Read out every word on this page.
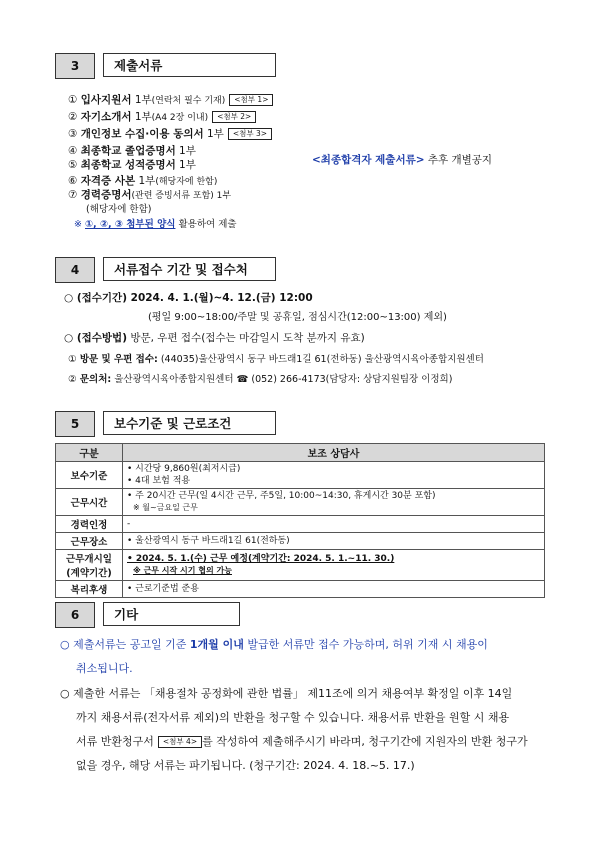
3	제출서류
① 입사지원서 1부(연락처 필수 기재) <첨부 1>
② 자기소개서 1부(A4 2장 이내) <첨부 2>
③ 개인정보 수집·이용 동의서 1부 <첨부 3>
④ 최종학교 졸업증명서 1부
⑤ 최종학교 성적증명서 1부
⑥ 자격증 사본 1부(해당자에 한함)
⑦ 경력증명서(관련 증빙서류 포함) 1부
(해당자에 한함)
※ ①, ②, ③ 첨부된 양식 활용하여 제출
<최종합격자 제출서류> 추후 개별공지
4	서류접수 기간 및 접수처
○ (접수기간) 2024. 4. 1.(월)~4. 12.(금) 12:00
(평일 9:00~18:00/주말 및 공휴일, 점심시간(12:00~13:00) 제외)
○ (접수방법) 방문, 우편 접수(접수는 마감일시 도착 분까지 유효)
① 방문 및 우편 접수: (44035)울산광역시 동구 바드래1길 61(전하동) 울산광역시육아종합지원센터
② 문의처: 울산광역시육아종합지원센터 ☎ (052) 266-4173(담당자: 상담지원팀장 이정희)
5	보수기준 및 근로조건
구분	보조 상담사
보수기준	• 시간당 9,860원(최저시급)
• 4대 보험 적용

근무시간	• 주 20시간 근무(일 4시간 근무, 주5일, 10:00~14:30, 휴게시간 30분 포함)
※ 월~금요일 근무

경력인정	-

근무장소	• 울산광역시 동구 바드래1길 61(전하동)

근무개시일 (계약기간)	• 2024. 5. 1.(수) 근무 예정(계약기간: 2024. 5. 1.~11. 30.)
※ 근무 시작 시기 협의 가능

복리후생	• 근로기준법 준용
6	기타
○ 제출서류는 공고일 기준 1개월 이내 발급한 서류만 접수 가능하며, 허위 기재 시 채용이
취소됩니다.
○ 제출한 서류는 「채용절차 공정화에 관한 법률」 제11조에 의거 채용여부 확정일 이후 14일
까지 채용서류(전자서류 제외)의 반환을 청구할 수 있습니다. 채용서류 반환을 원할 시 채용
서류 반환청구서 <첨부 4> 를 작성하여 제출해주시기 바라며, 청구기간에 지원자의 반환 청구가
없을 경우, 해당 서류는 파기됩니다. (청구기간: 2024. 4. 18.~5. 17.)
